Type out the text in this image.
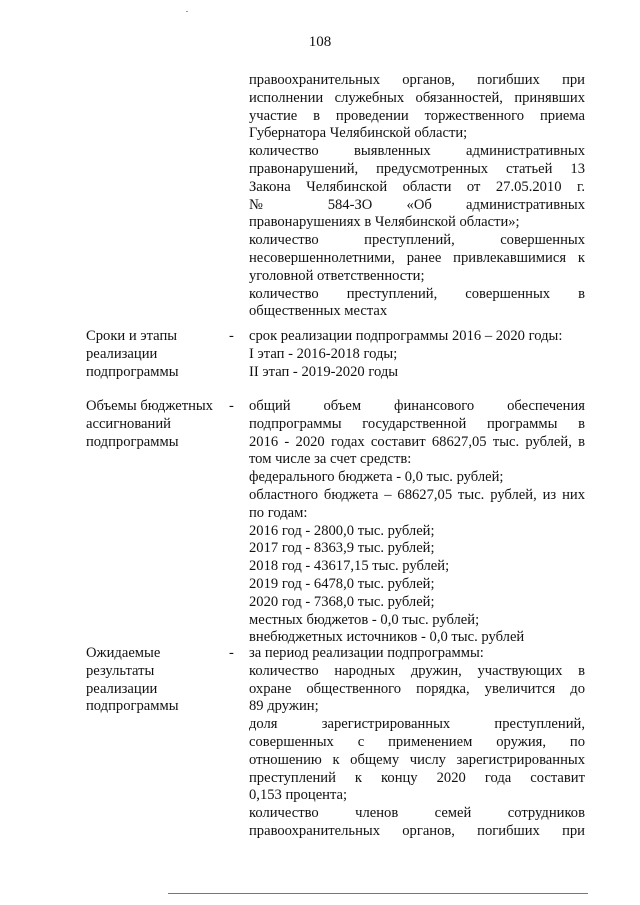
108
правоохранительных органов, погибших при
исполнении служебных обязанностей, принявших
участие в проведении торжественного приема
Губернатора Челябинской области;
количество выявленных административных
правонарушений, предусмотренных статьей 13
Закона Челябинской области от 27.05.2010 г.
№ 584-ЗО «Об административных
правонарушениях в Челябинской области»;
количество преступлений, совершенных
несовершеннолетними, ранее привлекавшимися к
уголовной ответственности;
количество преступлений, совершенных в
общественных местах
Сроки и этапы
реализации
подпрограммы
- срок реализации подпрограммы 2016 – 2020 годы:
I этап - 2016-2018 годы;
II этап - 2019-2020 годы
Объемы бюджетных
ассигнований
подпрограммы
- общий объем финансового обеспечения
подпрограммы государственной программы в
2016 - 2020 годах составит 68627,05 тыс. рублей, в
том числе за счет средств:
федерального бюджета - 0,0 тыс. рублей;
областного бюджета – 68627,05 тыс. рублей, из них
по годам:
2016 год - 2800,0 тыс. рублей;
2017 год - 8363,9 тыс. рублей;
2018 год - 43617,15 тыс. рублей;
2019 год - 6478,0 тыс. рублей;
2020 год - 7368,0 тыс. рублей;
местных бюджетов - 0,0 тыс. рублей;
внебюджетных источников - 0,0 тыс. рублей
Ожидаемые
результаты
реализации
подпрограммы
- за период реализации подпрограммы:
количество народных дружин, участвующих в
охране общественного порядка, увеличится до
89 дружин;
доля зарегистрированных преступлений,
совершенных с применением оружия, по
отношению к общему числу зарегистрированных
преступлений к концу 2020 года составит
0,153 процента;
количество членов семей сотрудников
правоохранительных органов, погибших при
